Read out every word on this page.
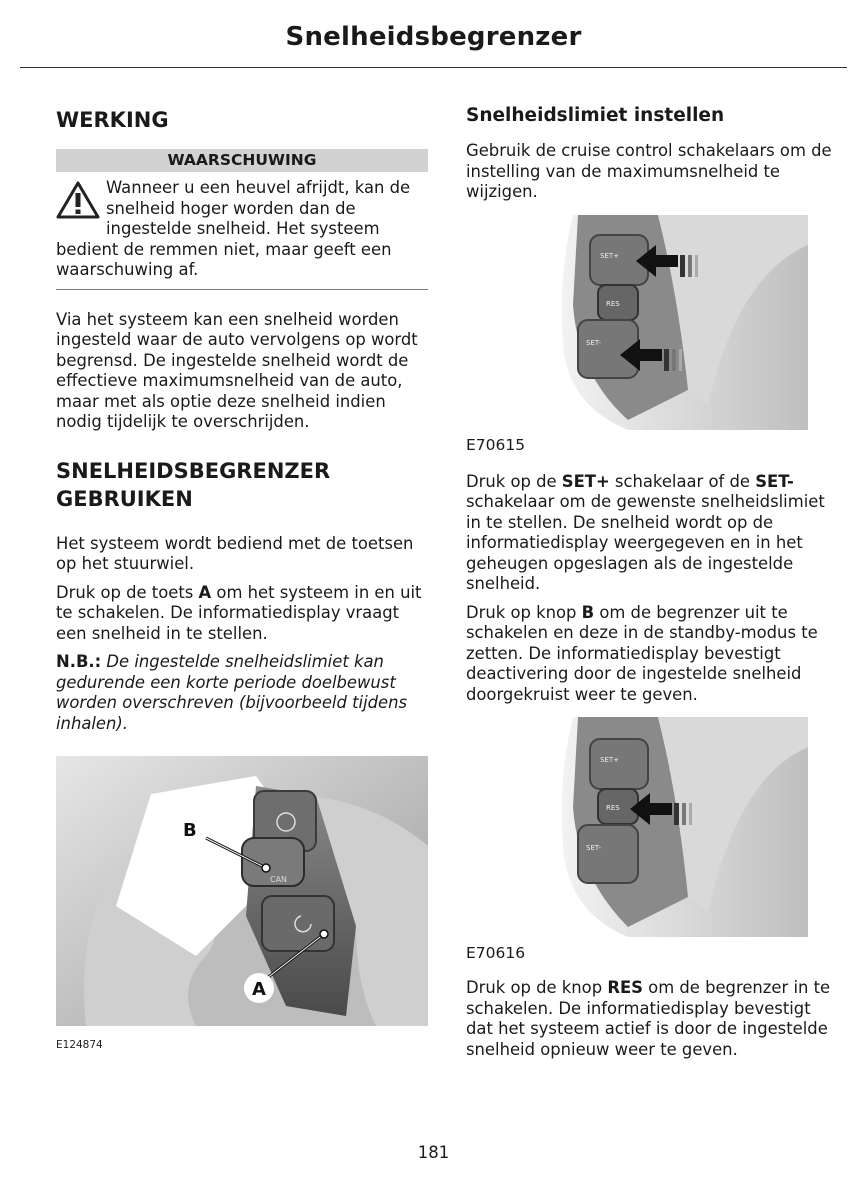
Snelheidsbegrenzer
WERKING
WAARSCHUWING

Wanneer u een heuvel afrijdt, kan de snelheid hoger worden dan de ingestelde snelheid. Het systeem bedient de remmen niet, maar geeft een waarschuwing af.

Via het systeem kan een snelheid worden ingesteld waar de auto vervolgens op wordt begrensd. De ingestelde snelheid wordt de effectieve maximumsnelheid van de auto, maar met als optie deze snelheid indien nodig tijdelijk te overschrijden.

SNELHEIDSBEGRENZER
GEBRUIKEN

Het systeem wordt bediend met de toetsen op het stuurwiel.

Druk op de toets A om het systeem in en uit te schakelen. De informatiedisplay vraagt een snelheid in te stellen.

N.B.: De ingestelde snelheidslimiet kan gedurende een korte periode doelbewust worden overschreven (bijvoorbeeld tijdens inhalen).

CAN
B
A
E124874
Snelheidslimiet instellen

Gebruik de cruise control schakelaars om de instelling van de maximumsnelheid te wijzigen.

SET+
RES
SET-
E70615

Druk op de SET+ schakelaar of de SET- schakelaar om de gewenste snelheidslimiet in te stellen. De snelheid wordt op de informatiedisplay weergegeven en in het geheugen opgeslagen als de ingestelde snelheid.

Druk op knop B om de begrenzer uit te schakelen en deze in de standby-modus te zetten. De informatiedisplay bevestigt deactivering door de ingestelde snelheid doorgekruist weer te geven.

SET+
RES
SET-
E70616

Druk op de knop RES om de begrenzer in te schakelen. De informatiedisplay bevestigt dat het systeem actief is door de ingestelde snelheid opnieuw weer te geven.

181
